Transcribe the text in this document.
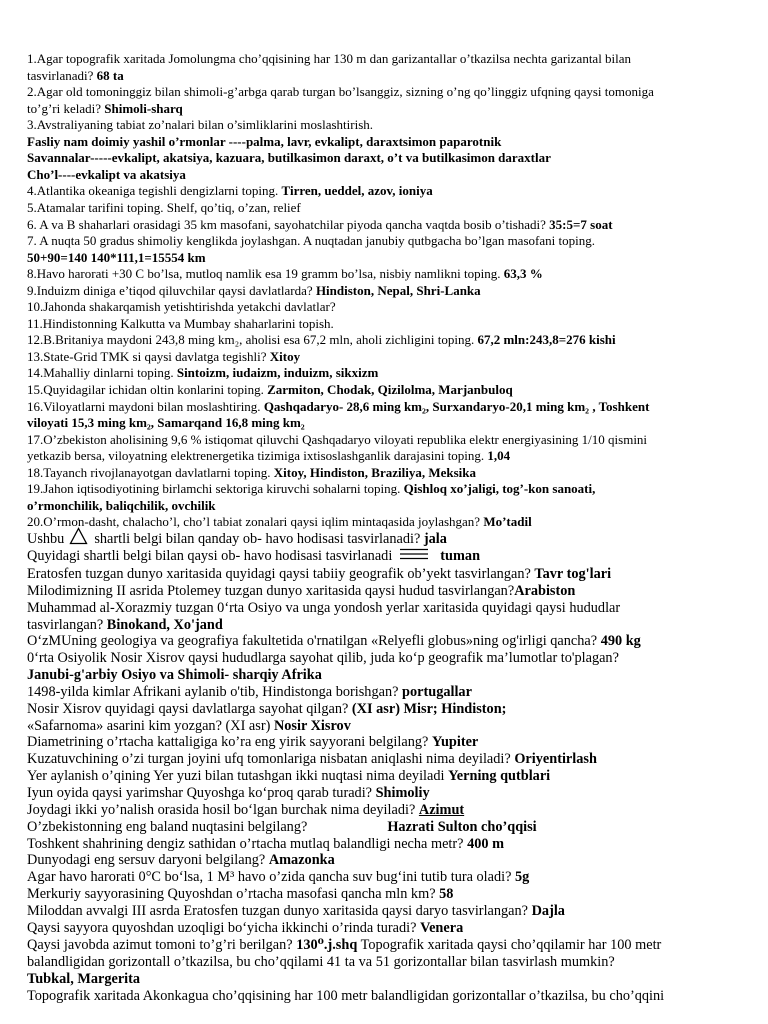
1.Agar topografik xaritada Jomolungma cho’qqisining har 130 m dan garizantallar o’tkazilsa nechta garizantal bilan
tasvirlanadi? 68 ta
2.Agar old tomoninggiz bilan shimoli-g’arbga qarab turgan bo’lsanggiz, sizning o’ng qo’linggiz ufqning qaysi tomoniga
to’g’ri keladi? Shimoli-sharq
3.Avstraliyaning tabiat zo’nalari bilan o’simliklarini moslashtirish.
Fasliy nam doimiy yashil o’rmonlar ----palma, lavr, evkalipt, daraxtsimon paparotnik
Savannalar-----evkalipt, akatsiya, kazuara, butilkasimon daraxt, o’t va butilkasimon daraxtlar
Cho’l----evkalipt va akatsiya
4.Atlantika okeaniga tegishli dengizlarni toping. Tirren, ueddel, azov, ioniya
5.Atamalar tarifini toping. Shelf, qo’tiq, o’zan, relief
6. A va B shaharlari orasidagi 35 km masofani, sayohatchilar piyoda qancha vaqtda bosib o’tishadi? 35:5=7 soat
7. A nuqta 50 gradus shimoliy kenglikda joylashgan. A nuqtadan janubiy qutbgacha bo’lgan masofani toping.
50+90=140 140*111,1=15554 km
8.Havo harorati +30 C bo’lsa, mutloq namlik esa 19 gramm bo’lsa, nisbiy namlikni toping. 63,3 %
9.Induizm diniga e’tiqod qiluvchilar qaysi davlatlarda? Hindiston, Nepal, Shri-Lanka
10.Jahonda shakarqamish yetishtirishda yetakchi davlatlar?
11.Hindistonning Kalkutta va Mumbay shaharlarini topish.
12.B.Britaniya maydoni 243,8 ming km₂, aholisi esa 67,2 mln, aholi zichligini toping. 67,2 mln:243,8=276 kishi
13.State-Grid TMK si qaysi davlatga tegishli? Xitoy
14.Mahalliy dinlarni toping. Sintoizm, iudaizm, induizm, sikxizm
15.Quyidagilar ichidan oltin konlarini toping. Zarmiton, Chodak, Qizilolma, Marjanbuloq
16.Viloyatlarni maydoni bilan moslashtiring. Qashqadaryo- 28,6 ming km₂, Surxandaryo-20,1 ming km₂ , Toshkent
viloyati 15,3 ming km₂, Samarqand 16,8 ming km₂
17.O’zbekiston aholisining 9,6 % istiqomat qiluvchi Qashqadaryo viloyati republika elektr energiyasining 1/10 qismini
yetkazib bersa, viloyatning elektrenergetika tizimiga ixtisoslashganlik darajasini toping. 1,04
18.Tayanch rivojlanayotgan davlatlarni toping. Xitoy, Hindiston, Braziliya, Meksika
19.Jahon iqtisodiyotining birlamchi sektoriga kiruvchi sohalarni toping. Qishloq xo’jaligi, tog’-kon sanoati,
o’rmonchilik, baliqchilik, ovchilik
20.O’rmon-dasht, chalacho’l, cho’l tabiat zonalari qaysi iqlim mintaqasida joylashgan? Mo’tadil
Ushbu shartli belgi bilan qanday ob- havo hodisasi tasvirlanadi? jala
Quyidagi shartli belgi bilan qaysi ob- havo hodisasi tasvirlanadi	tuman
Eratosfen tuzgan dunyo xaritasida quyidagi qaysi tabiiy geografik ob’yekt tasvirlangan? Tavr tog'lari
Milodimizning II asrida Ptolemey tuzgan dunyo xaritasida qaysi hudud tasvirlangan?Arabiston
Muhammad al-Xorazmiy tuzgan 0‘rta Osiyo va unga yondosh yerlar xaritasida quyidagi qaysi hududlar
tasvirlangan? Binokand, Xo'jand
O‘zMUning geologiya va geografiya fakultetida o'rnatilgan «Relyefli globus»ning og'irligi qancha? 490 kg
0‘rta Osiyolik Nosir Xisrov qaysi hududlarga sayohat qilib, juda ko‘p geografik ma’lumotlar to'plagan?
Janubi-g'arbiy Osiyo va Shimoli- sharqiy Afrika
1498-yilda kimlar Afrikani aylanib o'tib, Hindistonga borishgan? portugallar
Nosir Xisrov quyidagi qaysi davlatlarga sayohat qilgan? (XI asr) Misr; Hindiston;
«Safarnoma» asarini kim yozgan? (XI asr) Nosir Xisrov
Diametrining o’rtacha kattaligiga ko’ra eng yirik sayyorani belgilang? Yupiter
Kuzatuvchining o’zi turgan joyini ufq tomonlariga nisbatan aniqlashi nima deyiladi? Oriyentirlash
Yer aylanish o’qining Yer yuzi bilan tutashgan ikki nuqtasi nima deyiladi Yerning qutblari
Iyun oyida qaysi yarimshar Quyoshga ko‘proq qarab turadi? Shimoliy
Joydagi ikki yo’nalish orasida hosil bo‘lgan burchak nima deyiladi? Azimut
O’zbekistonning eng baland nuqtasini belgilang?	Hazrati Sulton cho’qqisi
Toshkent shahrining dengiz sathidan o’rtacha mutlaq balandligi necha metr? 400 m
Dunyodagi eng sersuv daryoni belgilang? Amazonka
Agar havo harorati 0°C bo‘lsa, 1 M³ havo o’zida qancha suv bug‘ini tutib tura oladi? 5g
Merkuriy sayyorasining Quyoshdan o’rtacha masofasi qancha mln km? 58
Miloddan avvalgi III asrda Eratosfen tuzgan dunyo xaritasida qaysi daryo tasvirlangan? Dajla
Qaysi sayyora quyoshdan uzoqligi bo‘yicha ikkinchi o’rinda turadi? Venera
Qaysi javobda azimut tomoni to’g’ri berilgan? 130⁰.j.shq Topografik xaritada qaysi cho’qqilamir har 100 metr
balandligidan gorizontall o’tkazilsa, bu cho’qqilami 41 ta va 51 gorizontallar bilan tasvirlash mumkin?
Tubkal, Margerita
Topografik xaritada Akonkagua cho’qqisining har 100 metr balandligidan gorizontallar o’tkazilsa, bu cho’qqini
